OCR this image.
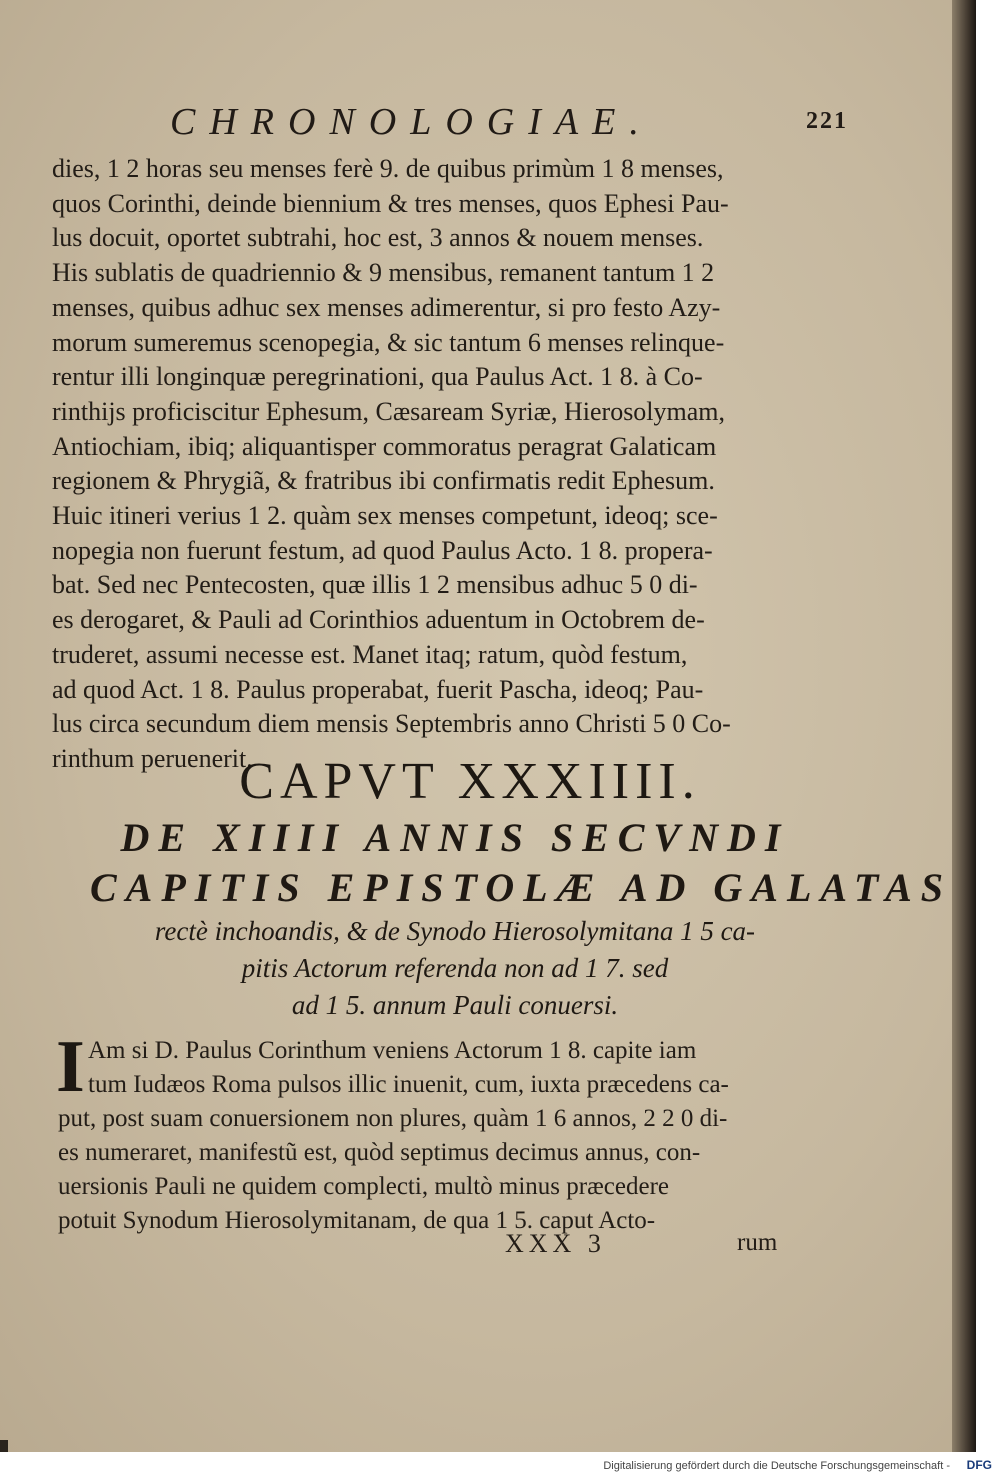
CHRONOLOGIAE.	221
dies, 1 2 horas seu menses ferè 9. de quibus primùm 1 8 menses,
quos Corinthi, deinde biennium & tres menses, quos Ephesi Pau-
lus docuit, oportet subtrahi, hoc est, 3 annos & nouem menses.
His sublatis de quadriennio & 9 mensibus, remanent tantum 1 2
menses, quibus adhuc sex menses adimerentur, si pro festo Azy-
morum sumeremus scenopegia, & sic tantum 6 menses relinque-
rentur illi longinquæ peregrinationi, qua Paulus Act. 1 8. à Co-
rinthijs proficiscitur Ephesum, Cæsaream Syriæ, Hierosolymam,
Antiochiam, ibiq; aliquantisper commoratus peragrat Galaticam
regionem & Phrygiã, & fratribus ibi confirmatis redit Ephesum.
Huic itineri verius 1 2. quàm sex menses competunt, ideoq; sce-
nopegia non fuerunt festum, ad quod Paulus Acto. 1 8. propera-
bat. Sed nec Pentecosten, quæ illis 1 2 mensibus adhuc 5 0 di-
es derogaret, & Pauli ad Corinthios aduentum in Octobrem de-
truderet, assumi necesse est. Manet itaq; ratum, quòd festum,
ad quod Act. 1 8. Paulus properabat, fuerit Pascha, ideoq; Pau-
lus circa secundum diem mensis Septembris anno Christi 5 0 Co-
rinthum peruenerit.
CAPVT XXXIIII.
DE XIIII ANNIS SECVNDI
CAPITIS EPISTOLÆ AD GALATAS
rectè inchoandis, & de Synodo Hierosolymitana 1 5 ca-
pitis Actorum referenda non ad 1 7. sed
ad 1 5. annum Pauli conuersi.
I Am si D. Paulus Corinthum veniens Actorum 1 8. capite iam
tum Iudæos Roma pulsos illic inuenit, cum, iuxta præcedens ca-
put, post suam conuersionem non plures, quàm 1 6 annos, 2 2 0 di-
es numeraret, manifestũ est, quòd septimus decimus annus, con-
uersionis Pauli ne quidem complecti, multò minus præcedere
potuit Synodum Hierosolymitanam, de qua 1 5. caput Acto-
XXX 3	rum
Digitalisierung gefördert durch die Deutsche Forschungsgemeinschaft - DFG
